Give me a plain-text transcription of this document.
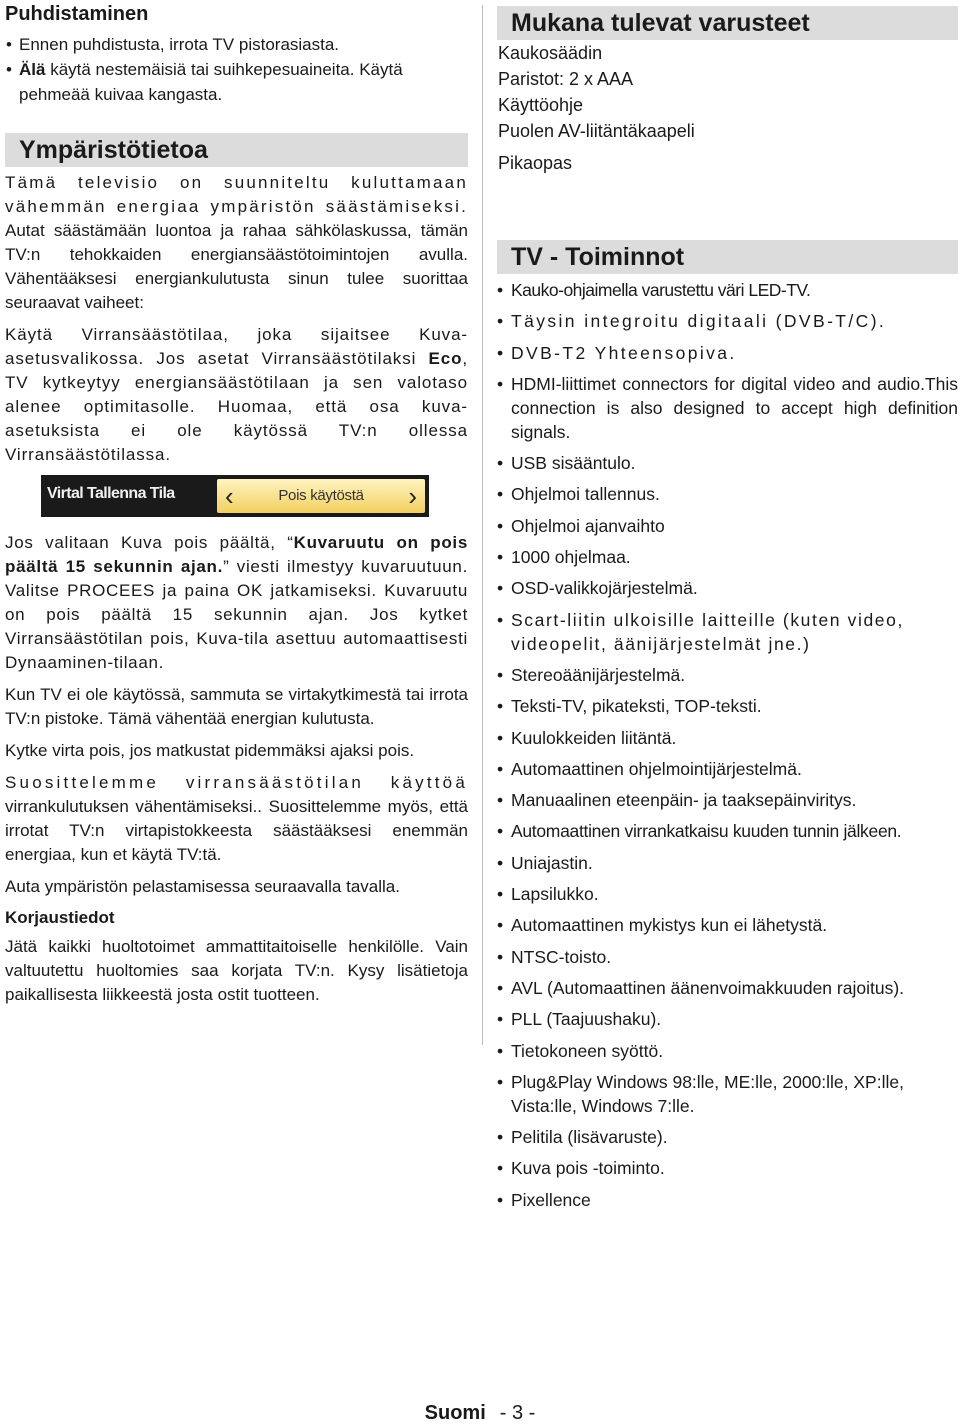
Puhdistaminen
• Ennen puhdistusta, irrota TV pistorasiasta.
• Älä käytä nestemäisiä tai suihkepesuaineita. Käytä pehmeää kuivaa kangasta.
Ympäristötietoa

Tämä televisio on suunniteltu kuluttamaan vähemmän energiaa ympäristön säästämiseksi. Autat säästämään luontoa ja rahaa sähkölaskussa, tämän TV:n tehokkaiden energiansäästötoimintojen avulla. Vähentääksesi energiankulutusta sinun tulee suorittaa seuraavat vaiheet:

Käytä Virransäästötilaa, joka sijaitsee Kuva-asetusvalikossa. Jos asetat Virransäästötilaksi Eco, TV kytkeytyy energiansäästötilaan ja sen valotaso alenee optimitasolle. Huomaa, että osa kuva-asetuksista ei ole käytössä TV:n ollessa Virransäästötilassa.

Virtal Tallenna Tila ‹	Pois käytöstä	›

Jos valitaan Kuva pois päältä, “Kuvaruutu on pois päältä 15 sekunnin ajan.” viesti ilmestyy kuvaruutuun. Valitse PROCEES ja paina OK jatkamiseksi. Kuvaruutu on pois päältä 15 sekunnin ajan. Jos kytket Virransäästötilan pois, Kuva-tila asettuu automaattisesti Dynaaminen-tilaan.

Kun TV ei ole käytössä, sammuta se virtakytkimestä tai irrota TV:n pistoke. Tämä vähentää energian kulutusta.

Kytke virta pois, jos matkustat pidemmäksi ajaksi pois.

Suosittelemme virransäästötilan käyttöä virrankulutuksen vähentämiseksi.. Suosittelemme myös, että irrotat TV:n virtapistokkeesta säästääksesi enemmän energiaa, kun et käytä TV:tä.

Auta ympäristön pelastamisessa seuraavalla tavalla.

Korjaustiedot

Jätä kaikki huoltotoimet ammattitaitoiselle henkilölle. Vain valtuutettu huoltomies saa korjata TV:n. Kysy lisätietoja paikallisesta liikkeestä josta ostit tuotteen.

Mukana tulevat varusteet
Kaukosäädin
Paristot: 2 x AAA
Käyttöohje
Puolen AV-liitäntäkaapeli
Pikaopas
TV - Toiminnot
• Kauko-ohjaimella varustettu väri LED-TV.
• Täysin integroitu digitaali (DVB-T/C).
• DVB-T2 Yhteensopiva.
• HDMI-liittimet connectors for digital video and audio.This connection is also designed to accept high definition signals.
• USB sisääntulo.
• Ohjelmoi tallennus.
• Ohjelmoi ajanvaihto
• 1000 ohjelmaa.
• OSD-valikkojärjestelmä.
• Scart-liitin ulkoisille laitteille (kuten video, videopelit, äänijärjestelmät jne.)
• Stereoäänijärjestelmä.
• Teksti-TV, pikateksti, TOP-teksti.
• Kuulokkeiden liitäntä.
• Automaattinen ohjelmointijärjestelmä.
• Manuaalinen eteenpäin- ja taaksepäinviritys.
• Automaattinen virrankatkaisu kuuden tunnin jälkeen.
• Uniajastin.
• Lapsilukko.
• Automaattinen mykistys kun ei lähetystä.
• NTSC-toisto.
• AVL (Automaattinen äänenvoimakkuuden rajoitus).
• PLL (Taajuushaku).
• Tietokoneen syöttö.
• Plug&Play Windows 98:lle, ME:lle, 2000:lle, XP:lle, Vista:lle, Windows 7:lle.
• Pelitila (lisävaruste).
• Kuva pois -toiminto.
• Pixellence
Suomi - 3 -
